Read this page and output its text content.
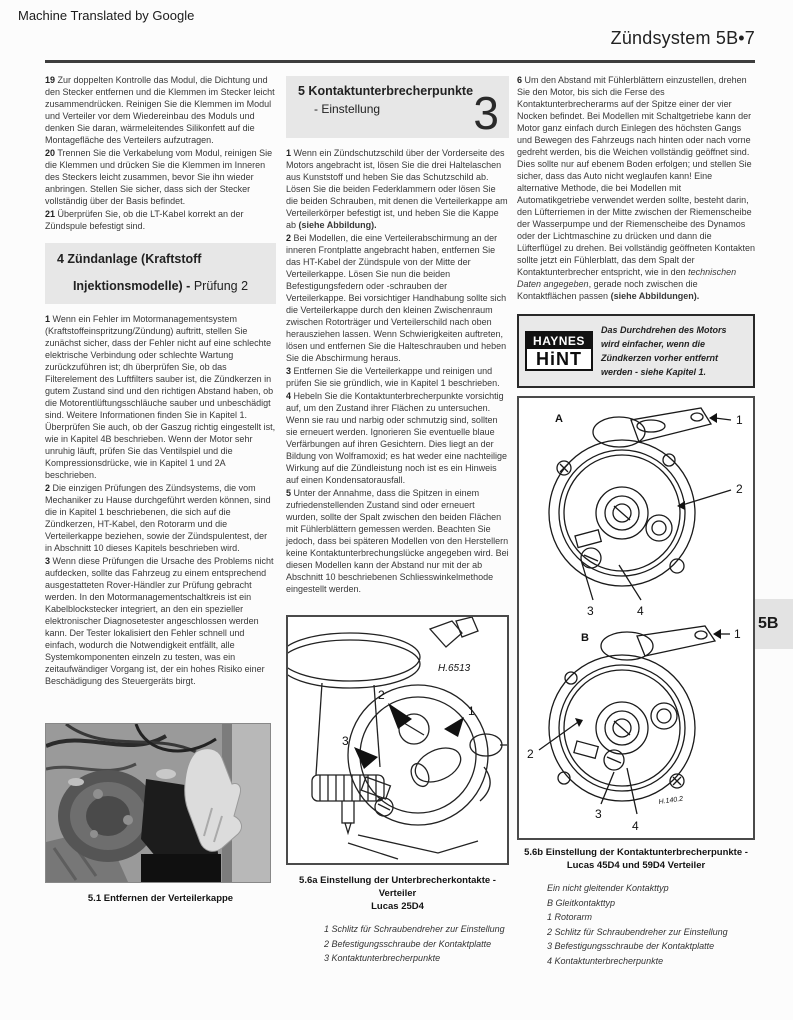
Machine Translated by Google
Zündsystem 5B•7
5B

19 Zur doppelten Kontrolle das Modul, die Dichtung und den Stecker entfernen und die Klemmen im Stecker leicht zusammendrücken. Reinigen Sie die Klemmen im Modul und Verteiler vor dem Wiedereinbau des Moduls und denken Sie daran, wärmeleitendes Silikonfett auf die Montagefläche des Verteilers aufzutragen.

20 Trennen Sie die Verkabelung vom Modul, reinigen Sie die Klemmen und drücken Sie die Klemmen im Inneren des Steckers leicht zusammen, bevor Sie ihn wieder anbringen. Stellen Sie sicher, dass sich der Stecker vollständig über der Basis befindet.

21 Überprüfen Sie, ob die LT-Kabel korrekt an der Zündspule befestigt sind.

4 Zündanlage (Kraftstoff
Injektionsmodelle) - Prüfung 2

1 Wenn ein Fehler im Motormanagementsystem (Kraftstoffeinspritzung/Zündung) auftritt, stellen Sie zunächst sicher, dass der Fehler nicht auf eine schlechte elektrische Verbindung oder schlechte Wartung zurückzuführen ist; dh überprüfen Sie, ob das Filterelement des Luftfilters sauber ist, die Zündkerzen in gutem Zustand sind und den richtigen Abstand haben, ob die Motorentlüftungsschläuche sauber und unbeschädigt sind. Weitere Informationen finden Sie in Kapitel 1. Überprüfen Sie auch, ob der Gaszug richtig eingestellt ist, wie in Kapitel 4B beschrieben. Wenn der Motor sehr unruhig läuft, prüfen Sie das Ventilspiel und die Kompressionsdrücke, wie in Kapitel 1 und 2A beschrieben.

2 Die einzigen Prüfungen des Zündsystems, die vom Mechaniker zu Hause durchgeführt werden können, sind die in Kapitel 1 beschriebenen, die sich auf die Zündkerzen, HT-Kabel, den Rotorarm und die Verteilerkappe beziehen, sowie der Zündspulentest, der in Abschnitt 10 dieses Kapitels beschrieben wird.

3 Wenn diese Prüfungen die Ursache des Problems nicht aufdecken, sollte das Fahrzeug zu einem entsprechend ausgestatteten Rover-Händler zur Prüfung gebracht werden. In den Motormanagementschaltkreis ist ein Kabelblockstecker integriert, an den ein spezieller elektronischer Diagnosetester angeschlossen werden kann. Der Tester lokalisiert den Fehler schnell und einfach, wodurch die Notwendigkeit entfällt, alle Systemkomponenten einzeln zu testen, was ein zeitaufwändiger Vorgang ist, der ein hohes Risiko einer Beschädigung des Steuergeräts birgt.

5.1 Entfernen der Verteilerkappe
5 Kontaktunterbrecherpunkte
- Einstellung	3

1 Wenn ein Zündschutzschild über der Vorderseite des Motors angebracht ist, lösen Sie die drei Haltelaschen aus Kunststoff und heben Sie das Schutzschild ab. Lösen Sie die beiden Federklammern oder lösen Sie die beiden Schrauben, mit denen die Verteilerkappe am Verteilerkörper befestigt ist, und heben Sie die Kappe ab (siehe Abbildung).

2 Bei Modellen, die eine Verteilerabschirmung an der inneren Frontplatte angebracht haben, entfernen Sie das HT-Kabel der Zündspule von der Mitte der Verteilerkappe. Lösen Sie nun die beiden Befestigungsfedern oder -schrauben der Verteilerkappe. Bei vorsichtiger Handhabung sollte sich die Verteilerkappe durch den kleinen Zwischenraum zwischen Rotorträger und Verteilerschild nach oben herausziehen lassen. Wenn Schwierigkeiten auftreten, lösen und entfernen Sie die Halteschrauben und heben Sie die Abschirmung heraus.

3 Entfernen Sie die Verteilerkappe und reinigen und prüfen Sie sie gründlich, wie in Kapitel 1 beschrieben.

4 Hebeln Sie die Kontaktunterbrecherpunkte vorsichtig auf, um den Zustand ihrer Flächen zu untersuchen. Wenn sie rau und narbig oder schmutzig sind, sollten sie erneuert werden. Ignorieren Sie eventuelle blaue Verfärbungen auf ihren Gesichtern. Dies liegt an der Bildung von Wolframoxid; es hat weder eine nachteilige Wirkung auf die Zündleistung noch ist es ein Hinweis auf einen Kondensatorausfall.

5 Unter der Annahme, dass die Spitzen in einem zufriedenstellenden Zustand sind oder erneuert wurden, sollte der Spalt zwischen den beiden Flächen mit Fühlerblättern gemessen werden. Beachten Sie jedoch, dass bei späteren Modellen von den Herstellern keine Kontaktunterbrechungslücke angegeben wird. Bei diesen Modellen kann der Abstand nur mit der ab Abschnitt 10 beschriebenen Schliesswinkelmethode eingestellt werden.

2
3
1
H.6513
5.6a Einstellung der Unterbrecherkontakte - Verteiler
Lucas 25D4
1 Schlitz für Schraubendreher zur Einstellung
2 Befestigungsschraube der Kontaktplatte
3 Kontaktunterbrecherpunkte

6 Um den Abstand mit Fühlerblättern einzustellen, drehen Sie den Motor, bis sich die Ferse des Kontaktunterbrecherarms auf der Spitze einer der vier Nocken befindet. Bei Modellen mit Schaltgetriebe kann der Motor ganz einfach durch Einlegen des höchsten Gangs und Bewegen des Fahrzeugs nach hinten oder nach vorne gedreht werden, bis die Weichen vollständig geöffnet sind. Dies sollte nur auf ebenem Boden erfolgen; und stellen Sie sicher, dass das Auto nicht weglaufen kann! Eine alternative Methode, die bei Modellen mit Automatikgetriebe verwendet werden sollte, besteht darin, den Lüfterriemen in der Mitte zwischen der Riemenscheibe der Wasserpumpe und der Riemenscheibe des Dynamos oder der Lichtmaschine zu drücken und dann die Lüfterflügel zu drehen. Bei vollständig geöffneten Kontakten sollte jetzt ein Fühlerblatt, das dem Spalt der Kontaktunterbrecher entspricht, wie in den technischen Daten angegeben, gerade noch zwischen die Kontaktflächen passen (siehe Abbildungen).

HAYNES
HiNT
Das Durchdrehen des Motors wird einfacher, wenn die Zündkerzen vorher entfernt werden - siehe Kapitel 1.
A	1
2
3	4
B	1
2
3
4
H.140.2
5.6b Einstellung der Kontaktunterbrecherpunkte -
Lucas 45D4 und 59D4 Verteiler
Ein nicht gleitender Kontakttyp
B Gleitkontakttyp
1 Rotorarm
2 Schlitz für Schraubendreher zur Einstellung
3 Befestigungsschraube der Kontaktplatte
4 Kontaktunterbrecherpunkte
